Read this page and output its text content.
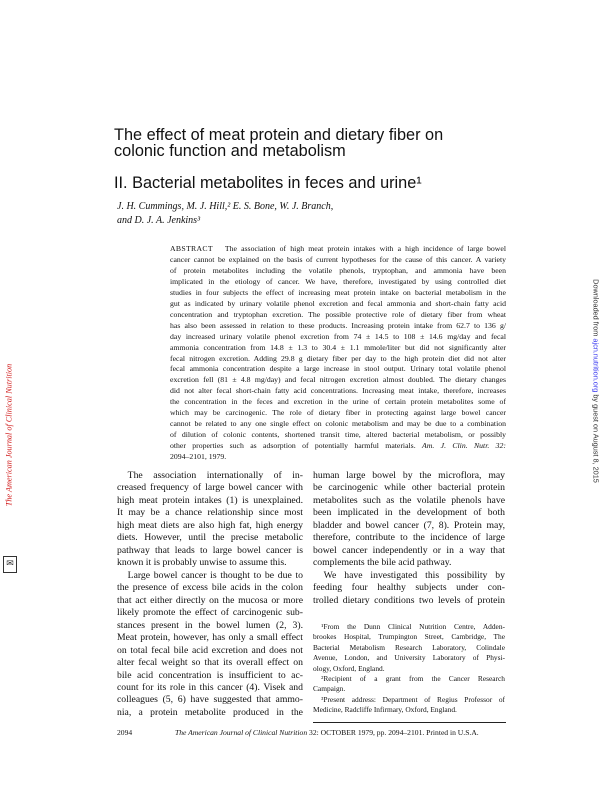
The effect of meat protein and dietary fiber on
colonic function and metabolism
II. Bacterial metabolites in feces and urine¹
J. H. Cummings, M. J. Hill,² E. S. Bone, W. J. Branch,
and D. J. A. Jenkins³
ABSTRACT The association of high meat protein intakes with a high incidence of large bowel
cancer cannot be explained on the basis of current hypotheses for the cause of this cancer. A variety
of protein metabolites including the volatile phenols, tryptophan, and ammonia have been
implicated in the etiology of cancer. We have, therefore, investigated by using controlled diet
studies in four subjects the effect of increasing meat protein intake on bacterial metabolism in the
gut as indicated by urinary volatile phenol excretion and fecal ammonia and short-chain fatty acid
concentration and tryptophan excretion. The possible protective role of dietary fiber from wheat
has also been assessed in relation to these products. Increasing protein intake from 62.7 to 136 g/
day increased urinary volatile phenol excretion from 74 ± 14.5 to 108 ± 14.6 mg/day and fecal
ammonia concentration from 14.8 ± 1.3 to 30.4 ± 1.1 mmole/liter but did not significantly alter
fecal nitrogen excretion. Adding 29.8 g dietary fiber per day to the high protein diet did not alter
fecal ammonia concentration despite a large increase in stool output. Urinary total volatile phenol
excretion fell (81 ± 4.8 mg/day) and fecal nitrogen excretion almost doubled. The dietary changes
did not alter fecal short-chain fatty acid concentrations. Increasing meat intake, therefore, increases
the concentration in the feces and excretion in the urine of certain protein metabolites some of
which may be carcinogenic. The role of dietary fiber in protecting against large bowel cancer
cannot be related to any one single effect on colonic metabolism and may be due to a combination
of dilution of colonic contents, shortened transit time, altered bacterial metabolism, or possibly
other properties such as adsorption of potentially harmful materials. Am. J. Clin. Nutr. 32:
2094–2101, 1979.
The association internationally of in-
creased frequency of large bowel cancer with
high meat protein intakes (1) is unexplained.
It may be a chance relationship since most
high meat diets are also high fat, high energy
diets. However, until the precise metabolic
pathway that leads to large bowel cancer is
known it is probably unwise to assume this.
Large bowel cancer is thought to be due to
the presence of excess bile acids in the colon
that act either directly on the mucosa or more
likely promote the effect of carcinogenic sub-
stances present in the bowel lumen (2, 3).
Meat protein, however, has only a small effect
on total fecal bile acid excretion and does not
alter fecal weight so that its overall effect on
bile acid concentration is insufficient to ac-
count for its role in this cancer (4). Visek and
colleagues (5, 6) have suggested that ammo-
nia, a protein metabolite produced in the
human large bowel by the microflora, may
be carcinogenic while other bacterial protein
metabolites such as the volatile phenols have
been implicated in the development of both
bladder and bowel cancer (7, 8). Protein may,
therefore, contribute to the incidence of large
bowel cancer independently or in a way that
complements the bile acid pathway.
We have investigated this possibility by
feeding four healthy subjects under con-
trolled dietary conditions two levels of protein
¹From the Dunn Clinical Nutrition Centre, Adden-
brookes Hospital, Trumpington Street, Cambridge, The
Bacterial Metabolism Research Laboratory, Colindale
Avenue, London, and University Laboratory of Physi-
ology, Oxford, England.
²Recipient of a grant from the Cancer Research
Campaign.
³Present address: Department of Regius Professor of
Medicine, Radcliffe Infirmary, Oxford, England.
2094	The American Journal of Clinical Nutrition 32: OCTOBER 1979, pp. 2094–2101. Printed in U.S.A.
The American Journal of Clinical Nutrition
✉
Downloaded from ajcn.nutrition.org by guest on August 8, 2015
